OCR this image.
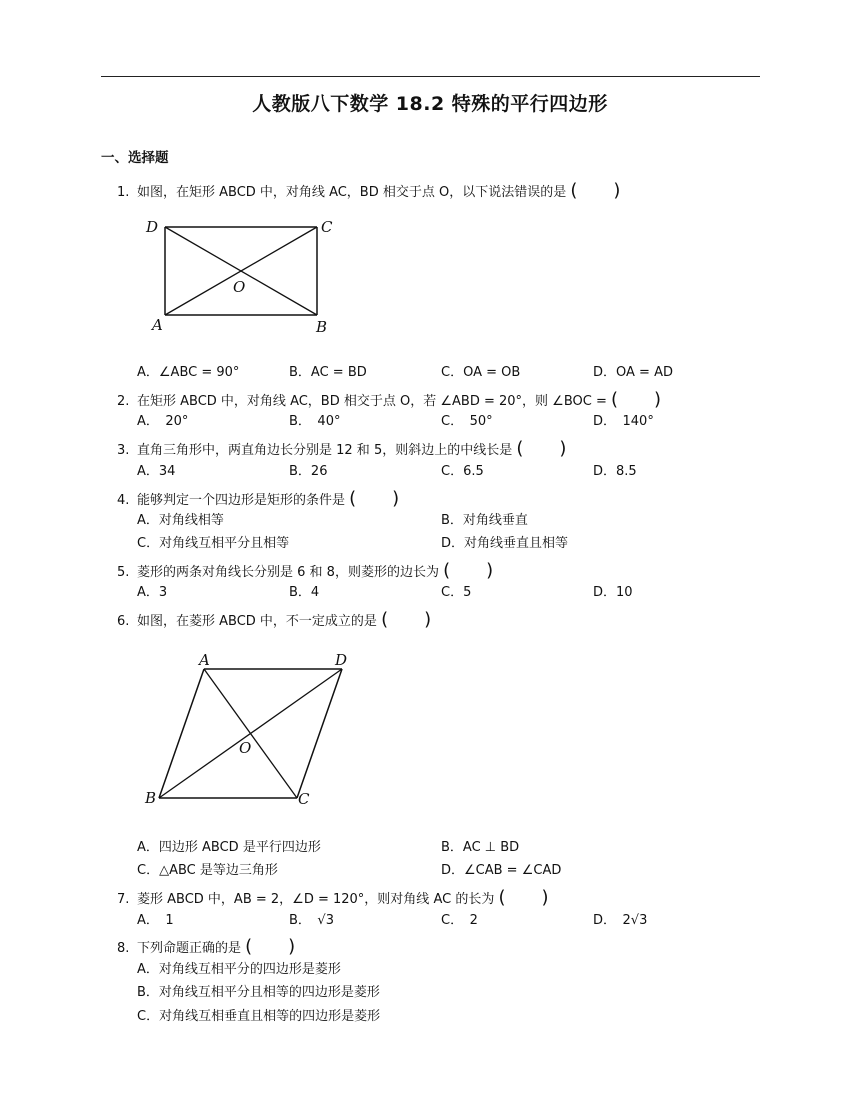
人教版八下数学 18.2 特殊的平行四边形
一、选择题
1. 如图，在矩形 ABCD 中，对角线 AC，BD 相交于点 O，以下说法错误的是 (　　)
D	C
O
A	B
A．∠ABC = 90°	B．AC = BD	C．OA = OB	D．OA = AD
2. 在矩形 ABCD 中，对角线 AC，BD 相交于点 O，若 ∠ABD = 20°，则 ∠BOC = (　　)
A．　20°	B．　40°	C．　50°	D．　140°
3. 直角三角形中，两直角边长分别是 12 和 5，则斜边上的中线长是 (　　)
A．34	B．26	C．6.5	D．8.5
4. 能够判定一个四边形是矩形的条件是 (　　)
A．对角线相等	B．对角线垂直
C．对角线互相平分且相等	D．对角线垂直且相等
5. 菱形的两条对角线长分别是 6 和 8，则菱形的边长为 (　　)
A．3	B．4	C．5	D．10
6. 如图，在菱形 ABCD 中，不一定成立的是 (　　)
A	D
O
B	C
A．四边形 ABCD 是平行四边形	B．AC ⊥ BD
C．△ABC 是等边三角形	D．∠CAB = ∠CAD
7. 菱形 ABCD 中，AB = 2，∠D = 120°，则对角线 AC 的长为 (　　)
A．　1	B．　√3	C．　2	D．　2√3
8. 下列命题正确的是 (　　)
A．对角线互相平分的四边形是菱形
B．对角线互相平分且相等的四边形是菱形
C．对角线互相垂直且相等的四边形是菱形
